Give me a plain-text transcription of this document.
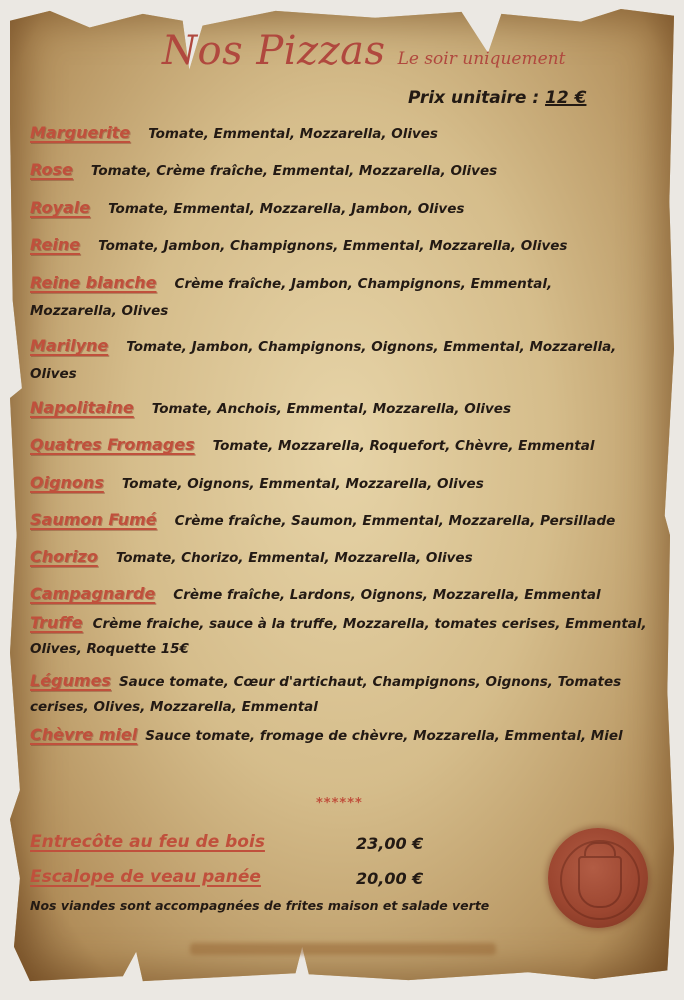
Nos Pizzas Le soir uniquement
Prix unitaire : 12 €
Marguerite Tomate, Emmental, Mozzarella, Olives
Rose Tomate, Crème fraîche, Emmental, Mozzarella, Olives
Royale Tomate, Emmental, Mozzarella, Jambon, Olives
Reine Tomate, Jambon, Champignons, Emmental, Mozzarella, Olives
Reine blanche Crème fraîche, Jambon, Champignons, Emmental, Mozzarella, Olives
Marilyne Tomate, Jambon, Champignons, Oignons, Emmental, Mozzarella, Olives
Napolitaine Tomate, Anchois, Emmental, Mozzarella, Olives
Quatres Fromages Tomate, Mozzarella, Roquefort, Chèvre, Emmental
Oignons Tomate, Oignons, Emmental, Mozzarella, Olives
Saumon Fumé Crème fraîche, Saumon, Emmental, Mozzarella, Persillade
Chorizo Tomate, Chorizo, Emmental, Mozzarella, Olives
Campagnarde Crème fraîche, Lardons, Oignons, Mozzarella, Emmental
Truffe Crème fraiche, sauce à la truffe, Mozzarella, tomates cerises, Emmental, Olives, Roquette 15€
Légumes Sauce tomate, Cœur d'artichaut, Champignons, Oignons, Tomates cerises, Olives, Mozzarella, Emmental
Chèvre miel Sauce tomate, fromage de chèvre, Mozzarella, Emmental, Miel
******
Entrecôte au feu de bois	23,00 €
Escalope de veau panée	20,00 €
Nos viandes sont accompagnées de frites maison et salade verte
